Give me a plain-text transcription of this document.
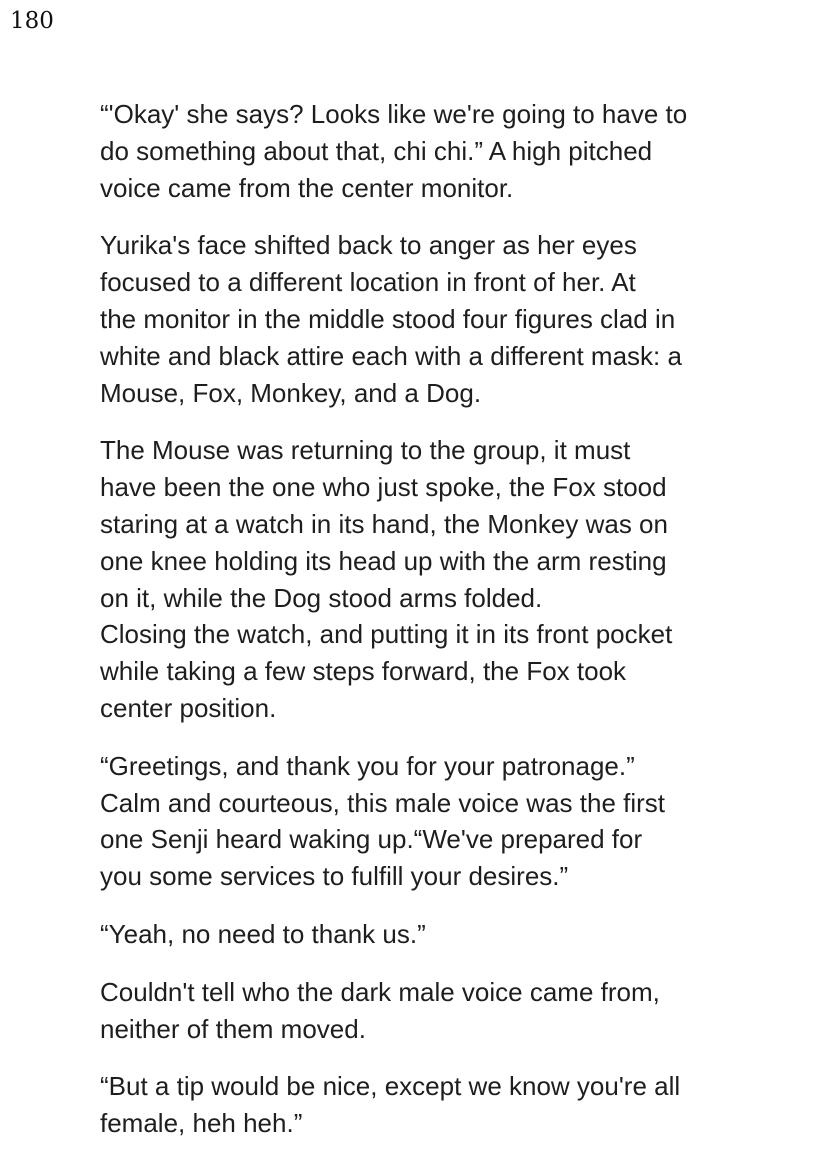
180

“'Okay' she says? Looks like we're going to have to
do something about that, chi chi.” A high pitched
voice came from the center monitor.

Yurika's face shifted back to anger as her eyes
focused to a different location in front of her. At
the monitor in the middle stood four figures clad in
white and black attire each with a different mask: a
Mouse, Fox, Monkey, and a Dog.

The Mouse was returning to the group, it must
have been the one who just spoke, the Fox stood
staring at a watch in its hand, the Monkey was on
one knee holding its head up with the arm resting
on it, while the Dog stood arms folded.
Closing the watch, and putting it in its front pocket
while taking a few steps forward, the Fox took
center position.

“Greetings, and thank you for your patronage.”
Calm and courteous, this male voice was the first
one Senji heard waking up.“We've prepared for
you some services to fulfill your desires.”

“Yeah, no need to thank us.”

Couldn't tell who the dark male voice came from,
neither of them moved.

“But a tip would be nice, except we know you're all
female, heh heh.”
